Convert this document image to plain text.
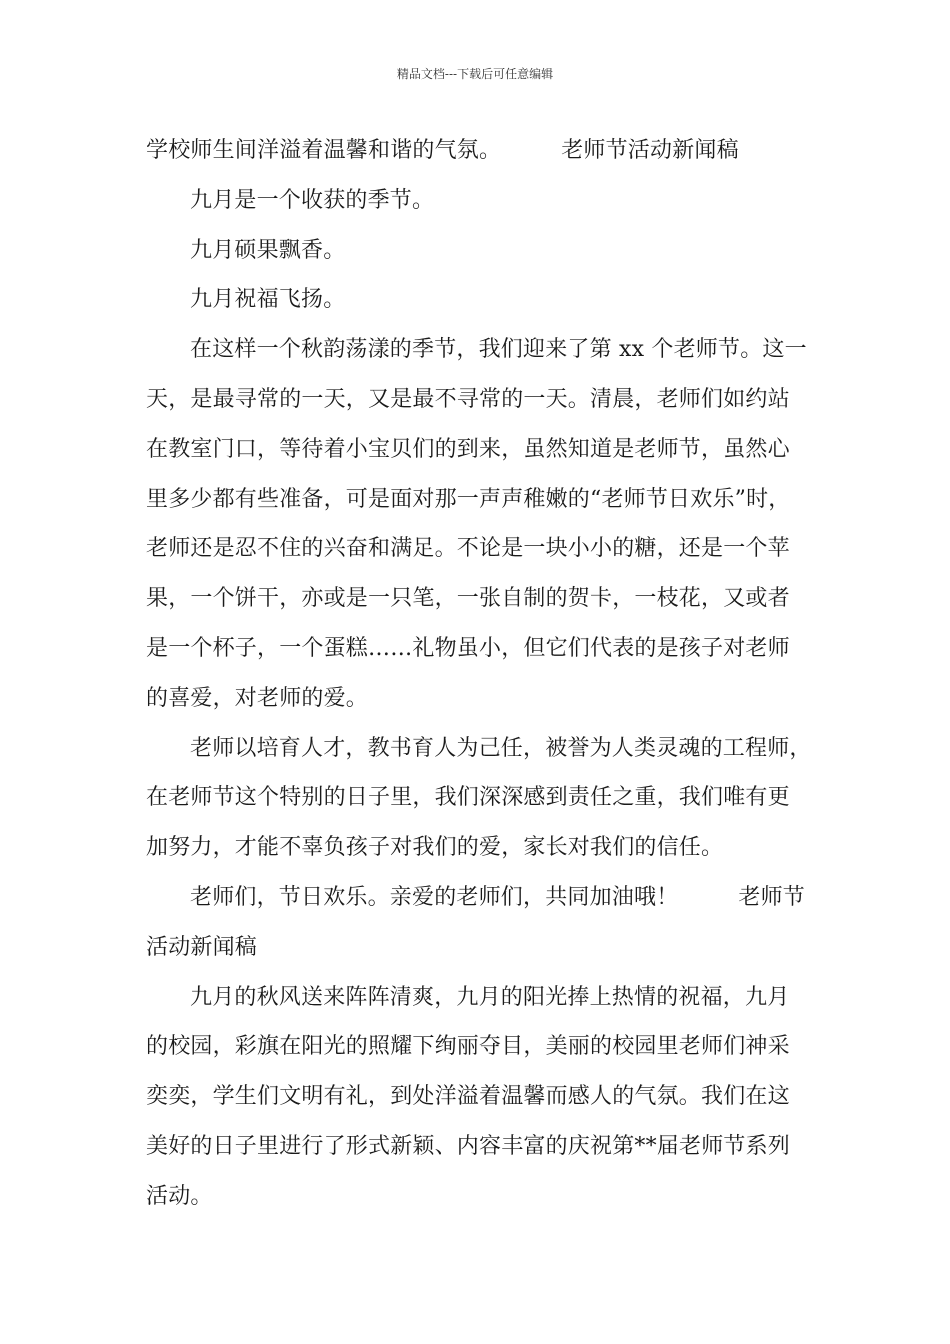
精品文档---下载后可任意编辑
学校师生间洋溢着温馨和谐的气氛。	老师节活动新闻稿
九月是一个收获的季节。
九月硕果飘香。
九月祝福飞扬。
在这样一个秋韵荡漾的季节，我们迎来了第 xx 个老师节。这一
天，是最寻常的一天，又是最不寻常的一天。清晨，老师们如约站
在教室门口，等待着小宝贝们的到来，虽然知道是老师节，虽然心
里多少都有些准备，可是面对那一声声稚嫩的“老师节日欢乐”时，
老师还是忍不住的兴奋和满足。不论是一块小小的糖，还是一个苹
果，一个饼干，亦或是一只笔，一张自制的贺卡，一枝花，又或者
是一个杯子，一个蛋糕……礼物虽小，但它们代表的是孩子对老师
的喜爱，对老师的爱。
老师以培育人才，教书育人为己任，被誉为人类灵魂的工程师，
在老师节这个特别的日子里，我们深深感到责任之重，我们唯有更
加努力，才能不辜负孩子对我们的爱，家长对我们的信任。
老师们，节日欢乐。亲爱的老师们，共同加油哦！	老师节
活动新闻稿
九月的秋风送来阵阵清爽，九月的阳光捧上热情的祝福，九月
的校园，彩旗在阳光的照耀下绚丽夺目，美丽的校园里老师们神采
奕奕，学生们文明有礼，到处洋溢着温馨而感人的气氛。我们在这
美好的日子里进行了形式新颖、内容丰富的庆祝第**届老师节系列
活动。
